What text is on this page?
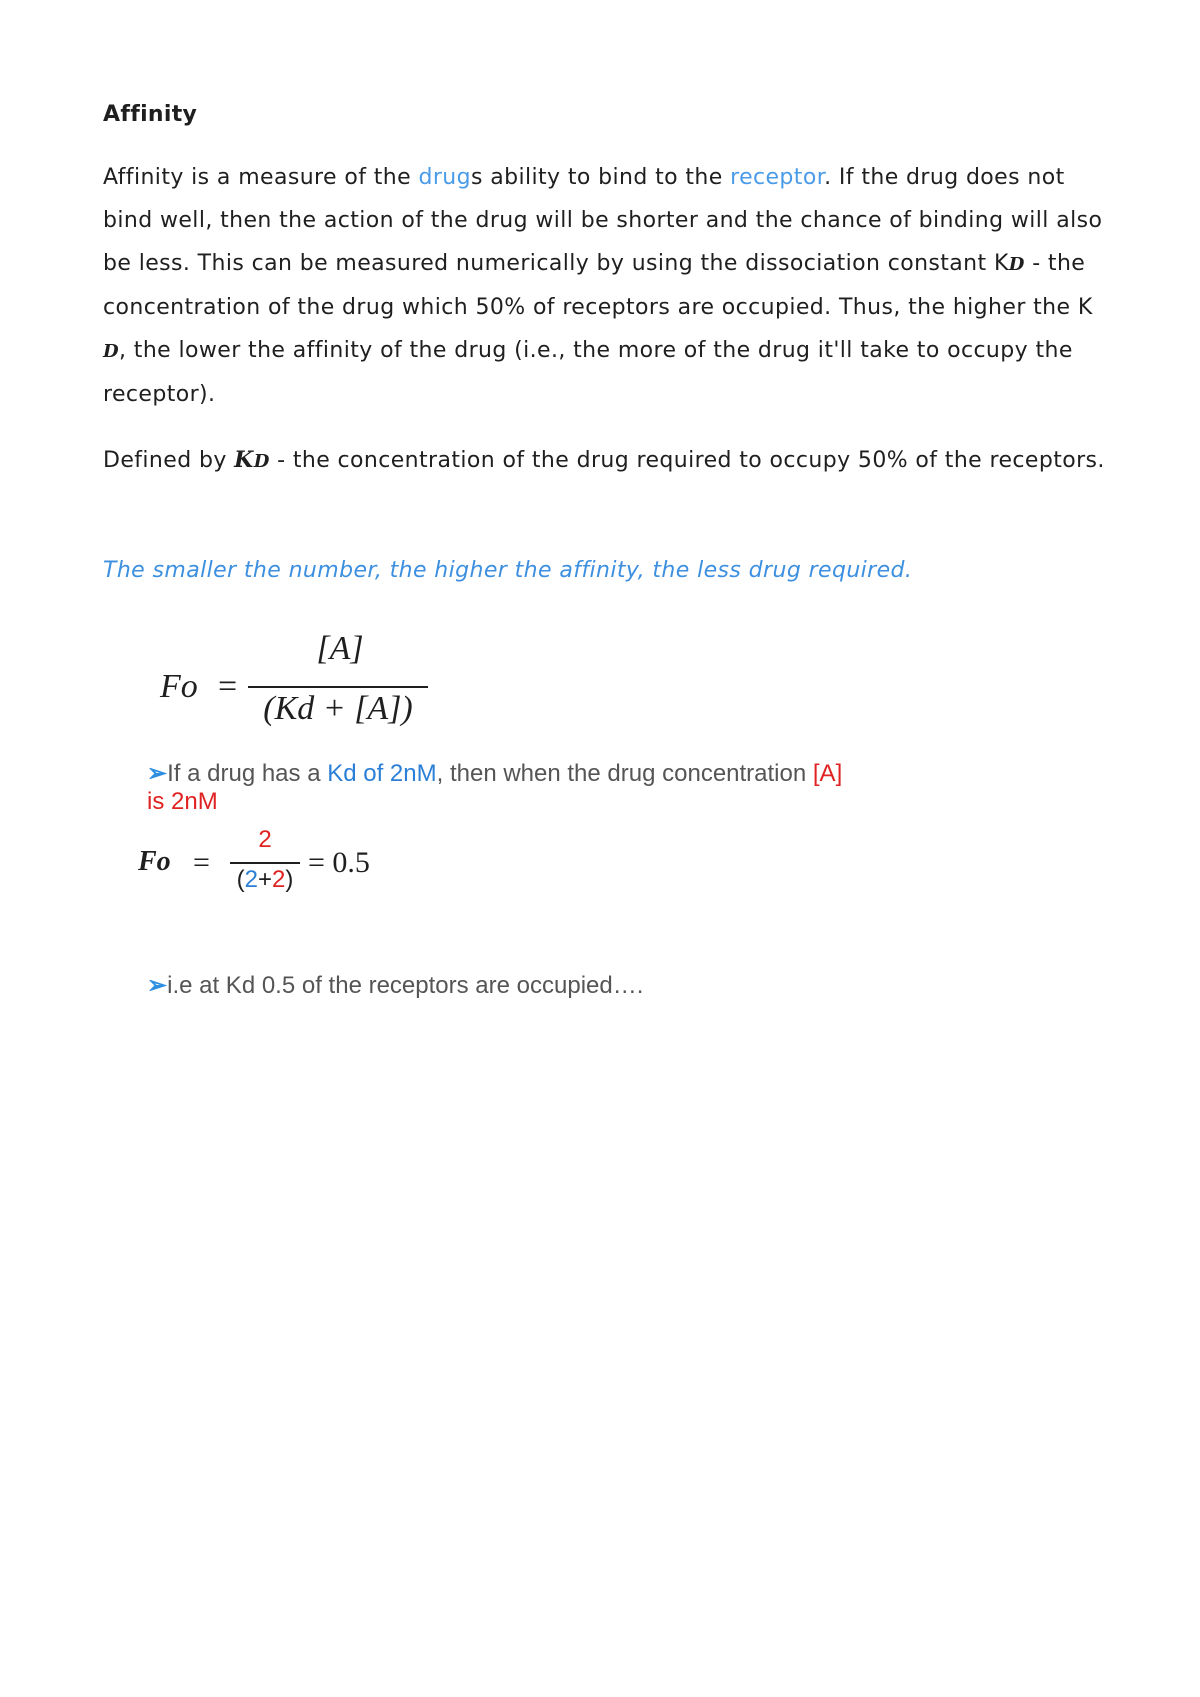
Affinity
Affinity is a measure of the drugs ability to bind to the receptor. If the drug does not bind well, then the action of the drug will be shorter and the chance of binding will also be less. This can be measured numerically by using the dissociation constant KD - the concentration of the drug which 50% of receptors are occupied. Thus, the higher the K D, the lower the affinity of the drug (i.e., the more of the drug it'll take to occupy the receptor).
Defined by KD - the concentration of the drug required to occupy 50% of the receptors.
The smaller the number, the higher the affinity, the less drug required.
Fo =
[A]
(Kd + [A])
➢If a drug has a Kd of 2nM, then when the drug concentration [A]
is 2nM
Fo =
2
(2+2)
= 0.5
➢i.e at Kd 0.5 of the receptors are occupied….
